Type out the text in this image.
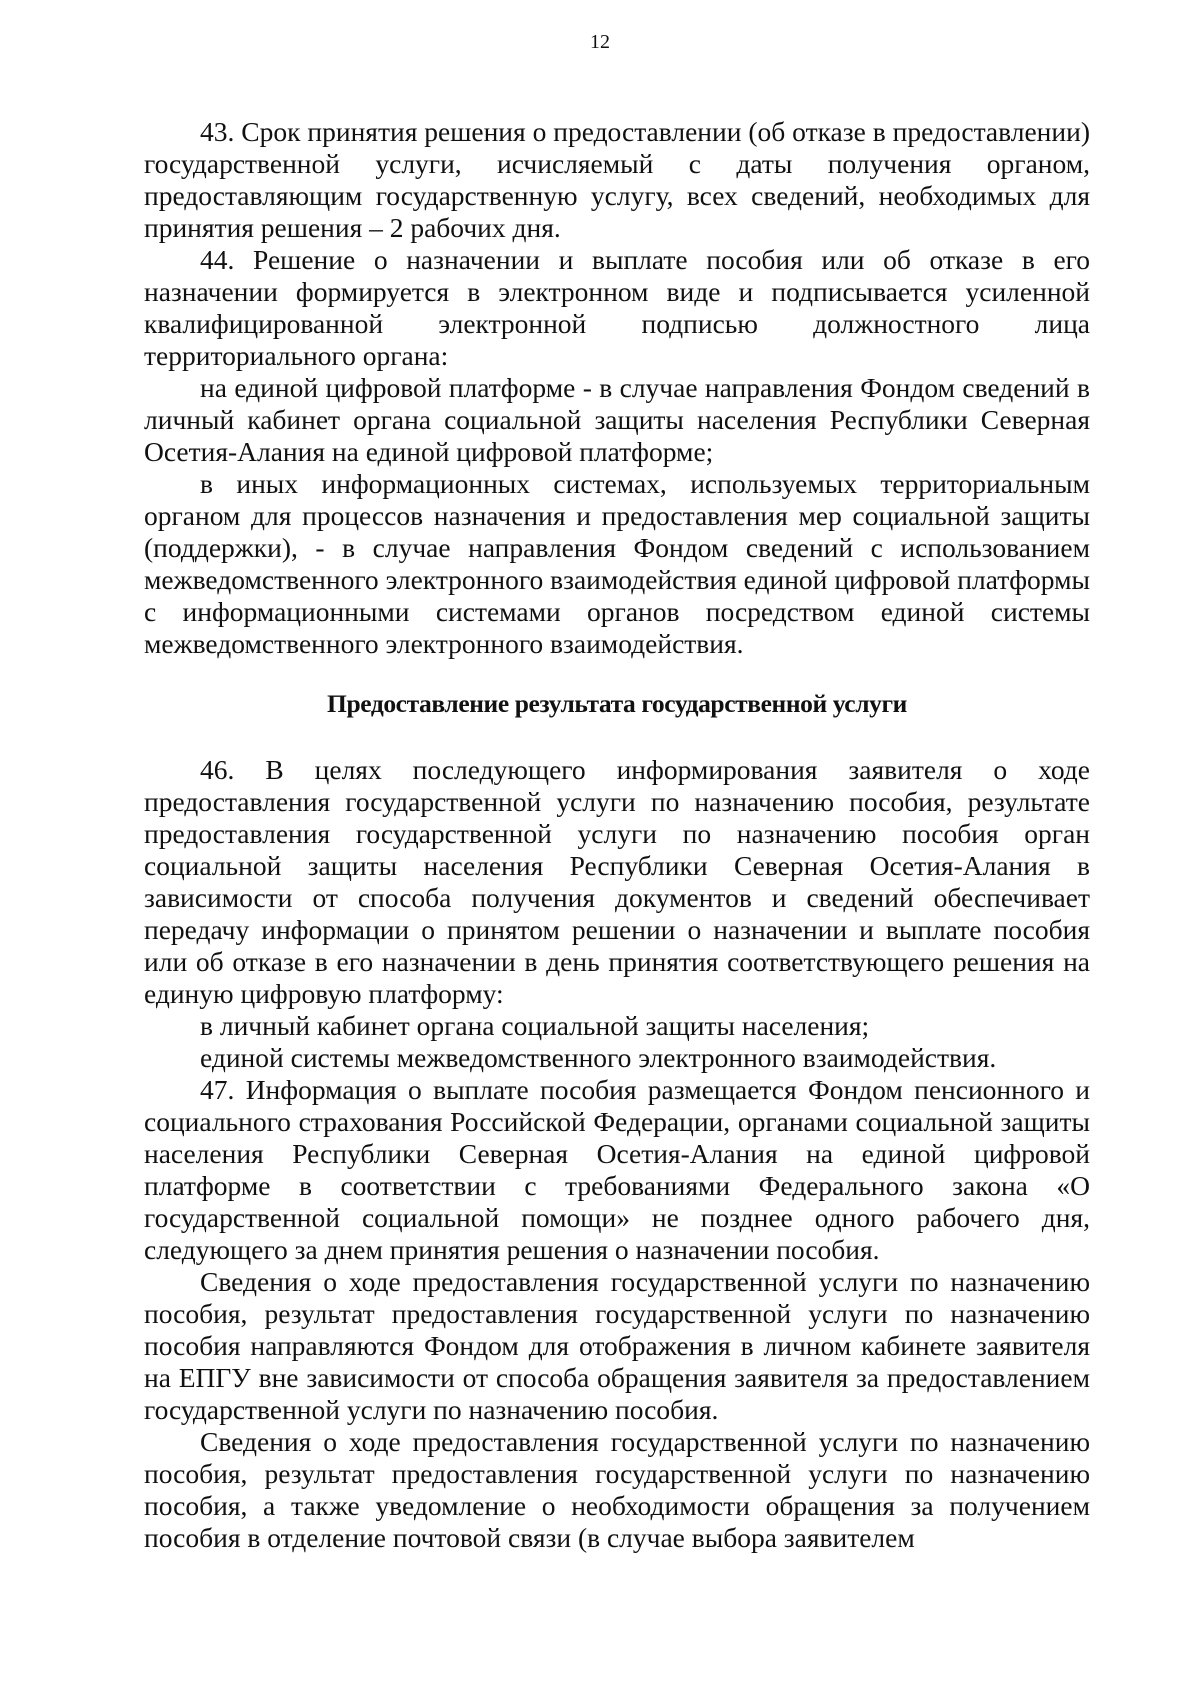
12

43. Срок принятия решения о предоставлении (об отказе в предоставлении) государственной услуги, исчисляемый с даты получения органом, предоставляющим государственную услугу, всех сведений, необходимых для принятия решения – 2 рабочих дня.

44. Решение о назначении и выплате пособия или об отказе в его назначении формируется в электронном виде и подписывается усиленной квалифицированной электронной подписью должностного лица территориального органа:

на единой цифровой платформе - в случае направления Фондом сведений в личный кабинет органа социальной защиты населения Республики Северная Осетия-Алания на единой цифровой платформе;

в иных информационных системах, используемых территориальным органом для процессов назначения и предоставления мер социальной защиты (поддержки), - в случае направления Фондом сведений с использованием межведомственного электронного взаимодействия единой цифровой платформы с информационными системами органов посредством единой системы межведомственного электронного взаимодействия.

Предоставление результата государственной услуги

46. В целях последующего информирования заявителя о ходе предоставления государственной услуги по назначению пособия, результате предоставления государственной услуги по назначению пособия орган социальной защиты населения Республики Северная Осетия-Алания в зависимости от способа получения документов и сведений обеспечивает передачу информации о принятом решении о назначении и выплате пособия или об отказе в его назначении в день принятия соответствующего решения на единую цифровую платформу:

в личный кабинет органа социальной защиты населения;

единой системы межведомственного электронного взаимодействия.

47. Информация о выплате пособия размещается Фондом пенсионного и социального страхования Российской Федерации, органами социальной защиты населения Республики Северная Осетия-Алания на единой цифровой платформе в соответствии с требованиями Федерального закона «О государственной социальной помощи» не позднее одного рабочего дня, следующего за днем принятия решения о назначении пособия.

Сведения о ходе предоставления государственной услуги по назначению пособия, результат предоставления государственной услуги по назначению пособия направляются Фондом для отображения в личном кабинете заявителя на ЕПГУ вне зависимости от способа обращения заявителя за предоставлением государственной услуги по назначению пособия.

Сведения о ходе предоставления государственной услуги по назначению пособия, результат предоставления государственной услуги по назначению пособия, а также уведомление о необходимости обращения за получением пособия в отделение почтовой связи (в случае выбора заявителем
